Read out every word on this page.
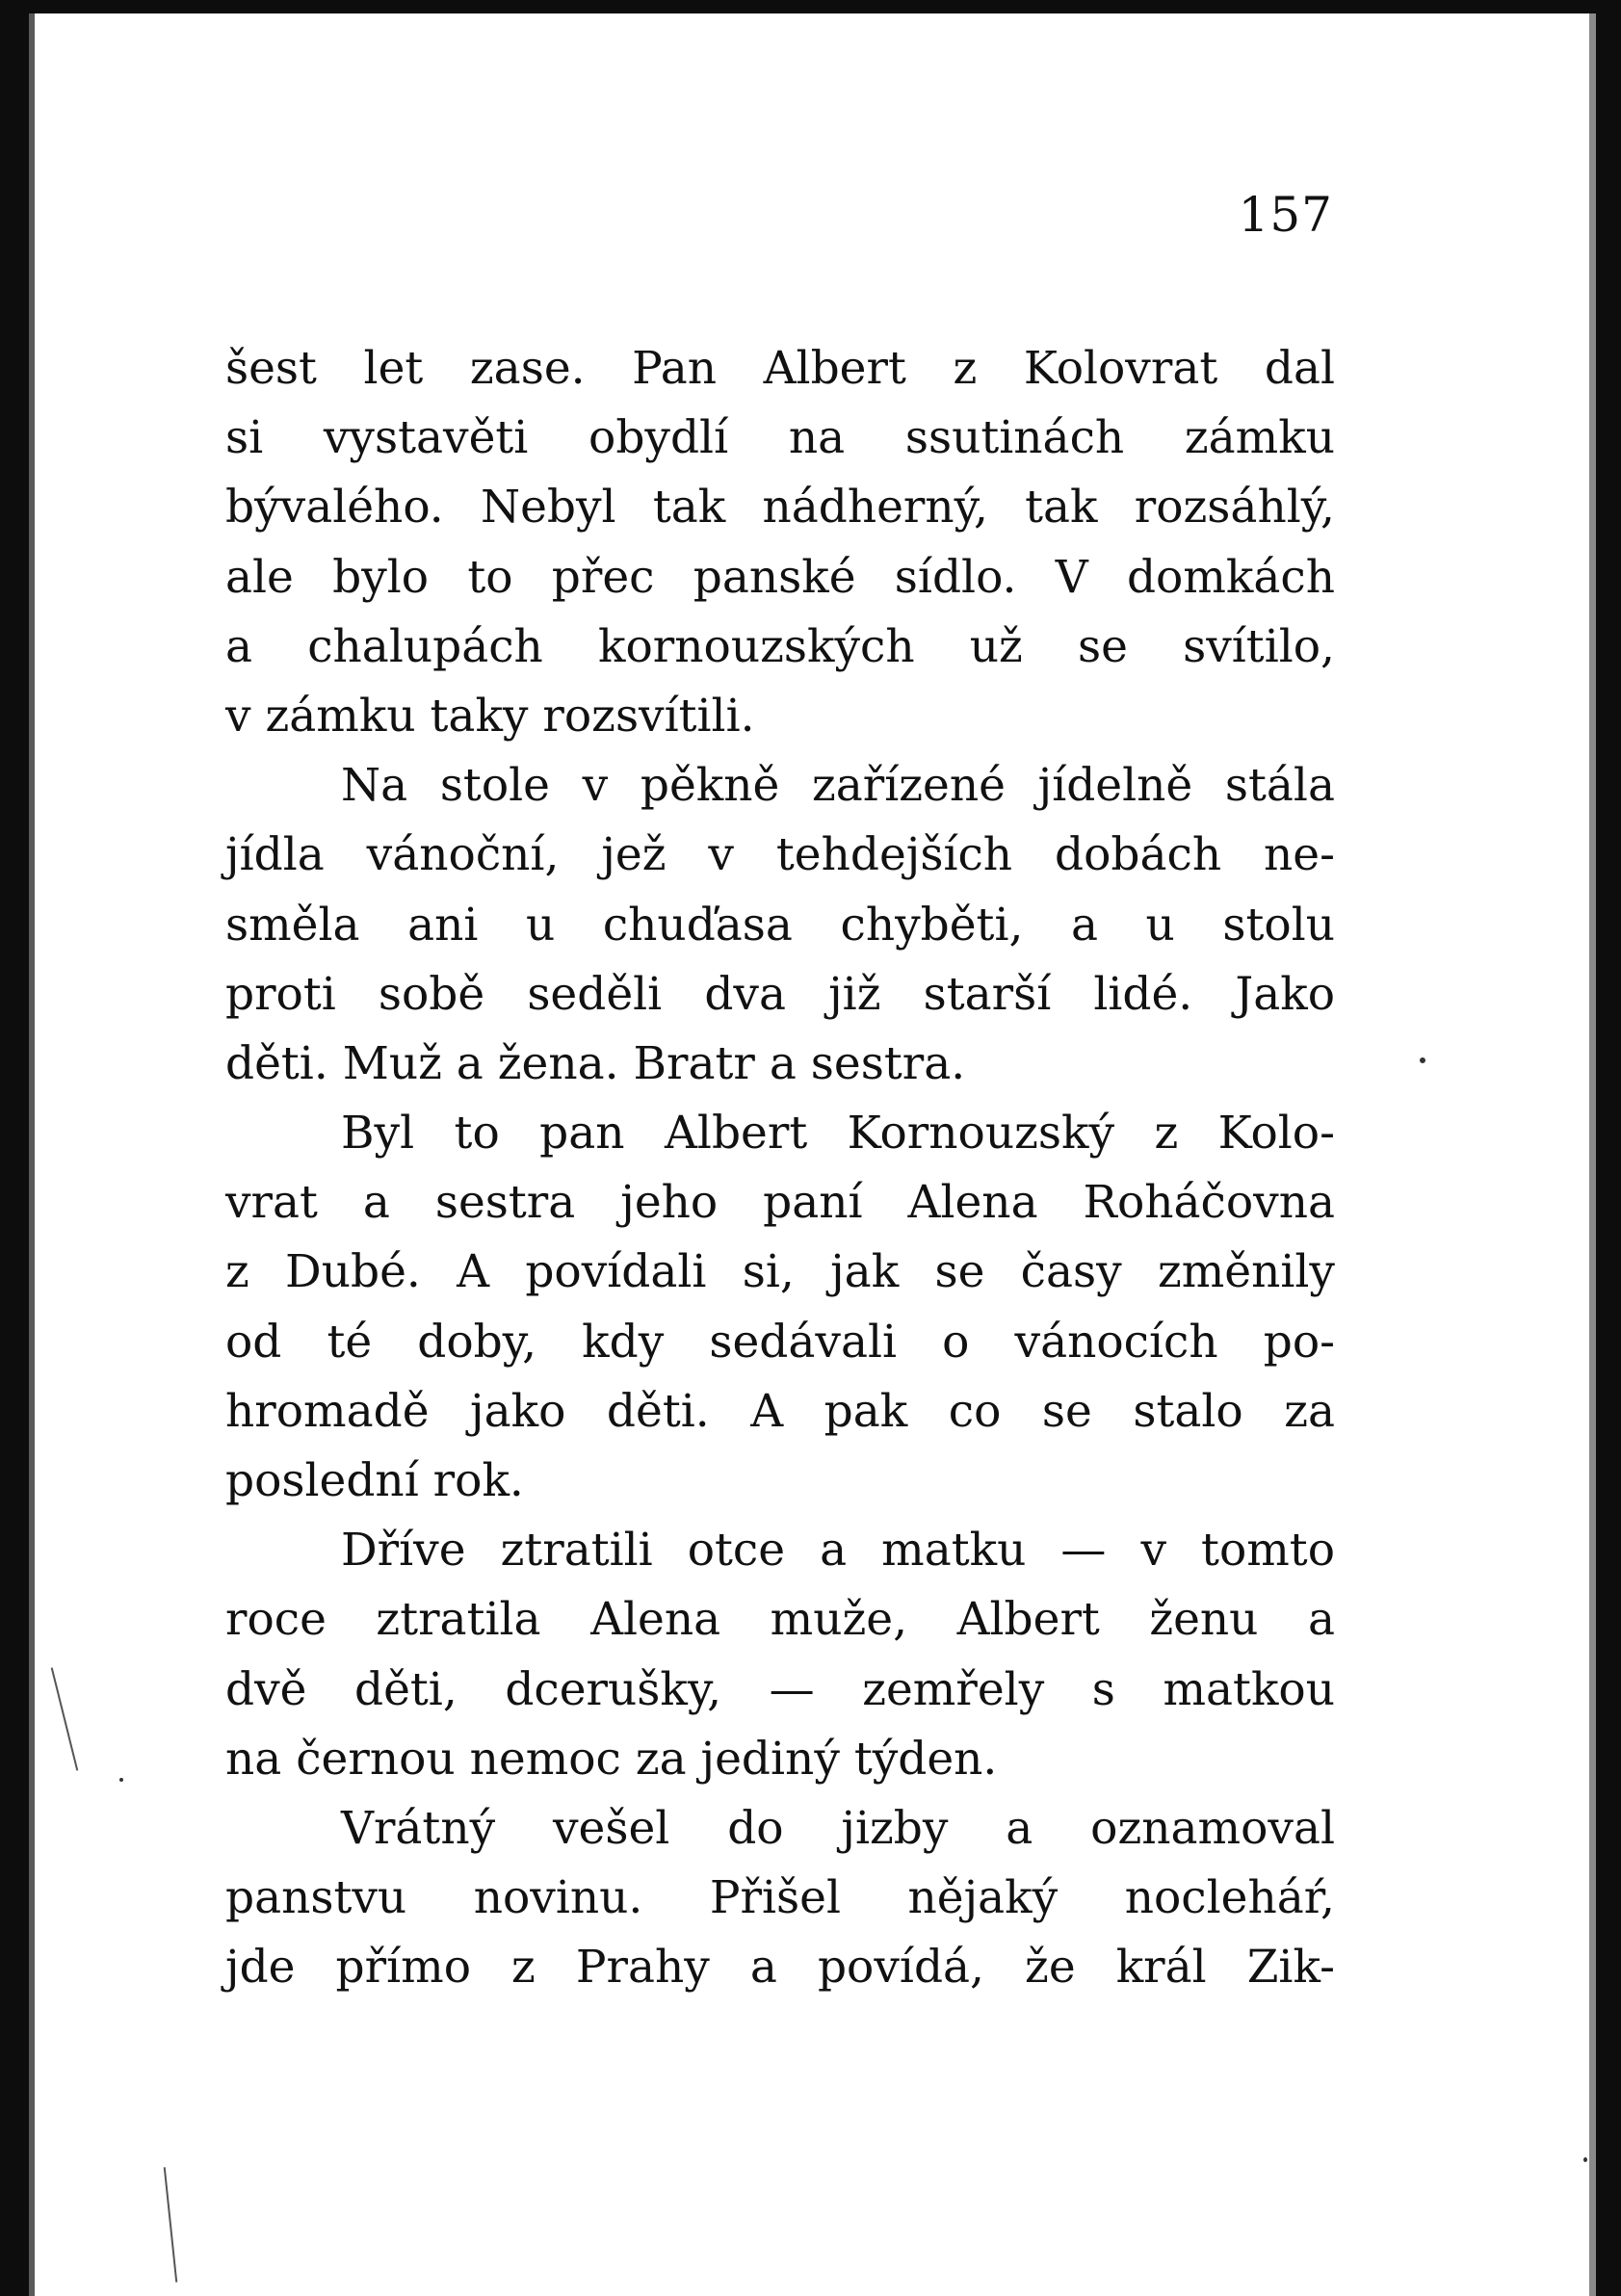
157
šest let zase. Pan Albert z Kolovrat dal
si vystavěti obydlí na ssutinách zámku
bývalého. Nebyl tak nádherný, tak rozsáhlý,
ale bylo to přec panské sídlo. V domkách
a chalupách kornouzských už se svítilo,
v zámku taky rozsvítili.
Na stole v pěkně zařízené jídelně stála
jídla vánoční, jež v tehdejších dobách ne-
směla ani u chuďasa chyběti, a u stolu
proti sobě seděli dva již starší lidé. Jako
děti. Muž a žena. Bratr a sestra.
Byl to pan Albert Kornouzský z Kolo-
vrat a sestra jeho paní Alena Roháčovna
z Dubé. A povídali si, jak se časy změnily
od té doby, kdy sedávali o vánocích po-
hromadě jako děti. A pak co se stalo za
poslední rok.
Dříve ztratili otce a matku — v tomto
roce ztratila Alena muže, Albert ženu a
dvě děti, dcerušky, — zemřely s matkou
na černou nemoc za jediný týden.
Vrátný vešel do jizby a oznamoval
panstvu novinu. Přišel nějaký nocleháŕ,
jde přímo z Prahy a povídá, že král Zik-
